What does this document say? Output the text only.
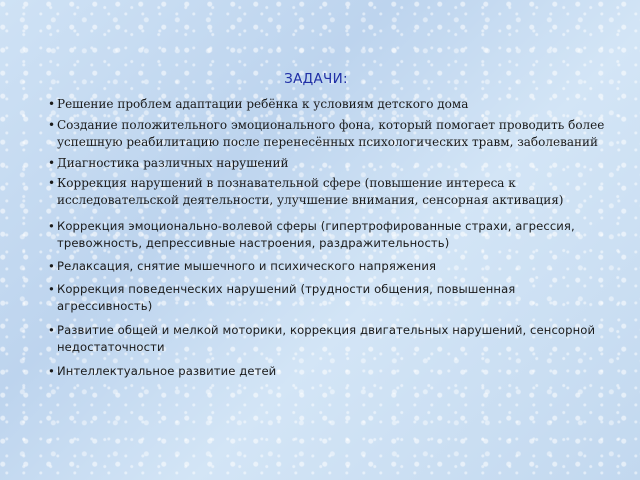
ЗАДАЧИ:
• Решение проблем адаптации ребёнка к условиям детского дома
• Создание положительного эмоционального фона, который помогает проводить более успешную реабилитацию после перенесённых психологических травм, заболеваний
• Диагностика различных нарушений
• Коррекция нарушений в познавательной сфере (повышение интереса к исследовательской деятельности, улучшение внимания, сенсорная активация)
• Коррекция эмоционально-волевой сферы (гипертрофированные страхи, агрессия, тревожность, депрессивные настроения, раздражительность)
• Релаксация, снятие мышечного и психического напряжения
• Коррекция поведенческих нарушений (трудности общения, повышенная агрессивность)
• Развитие общей и мелкой моторики, коррекция двигательных нарушений, сенсорной недостаточности
• Интеллектуальное развитие детей
